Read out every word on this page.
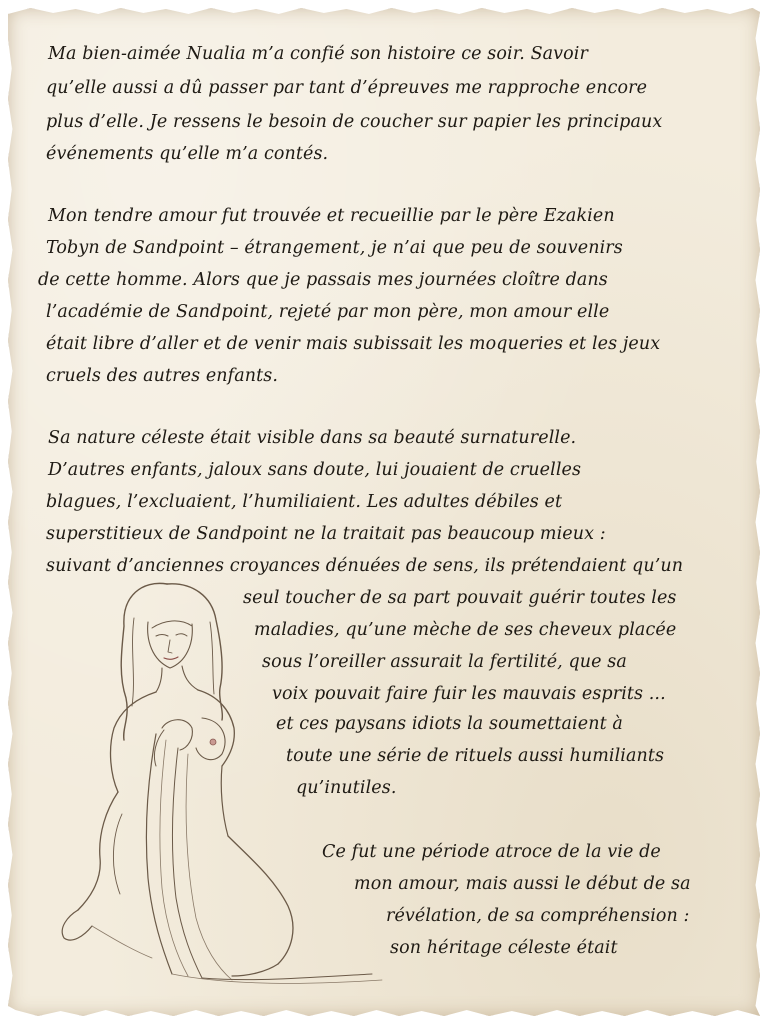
Ma bien-aimée Nualia m’a confié son histoire ce soir. Savoir
qu’elle aussi a dû passer par tant d’épreuves me rapproche encore
plus d’elle. Je ressens le besoin de coucher sur papier les principaux
événements qu’elle m’a contés.
Mon tendre amour fut trouvée et recueillie par le père Ezakien
Tobyn de Sandpoint – étrangement, je n’ai que peu de souvenirs
de cette homme. Alors que je passais mes journées cloître dans
l’académie de Sandpoint, rejeté par mon père, mon amour elle
était libre d’aller et de venir mais subissait les moqueries et les jeux
cruels des autres enfants.
Sa nature céleste était visible dans sa beauté surnaturelle.
D’autres enfants, jaloux sans doute, lui jouaient de cruelles
blagues, l’excluaient, l’humiliaient. Les adultes débiles et
superstitieux de Sandpoint ne la traitait pas beaucoup mieux :
suivant d’anciennes croyances dénuées de sens, ils prétendaient qu’un
seul toucher de sa part pouvait guérir toutes les
maladies, qu’une mèche de ses cheveux placée
sous l’oreiller assurait la fertilité, que sa
voix pouvait faire fuir les mauvais esprits ...
et ces paysans idiots la soumettaient à
toute une série de rituels aussi humiliants
qu’inutiles.
Ce fut une période atroce de la vie de
mon amour, mais aussi le début de sa
révélation, de sa compréhension :
son héritage céleste était
